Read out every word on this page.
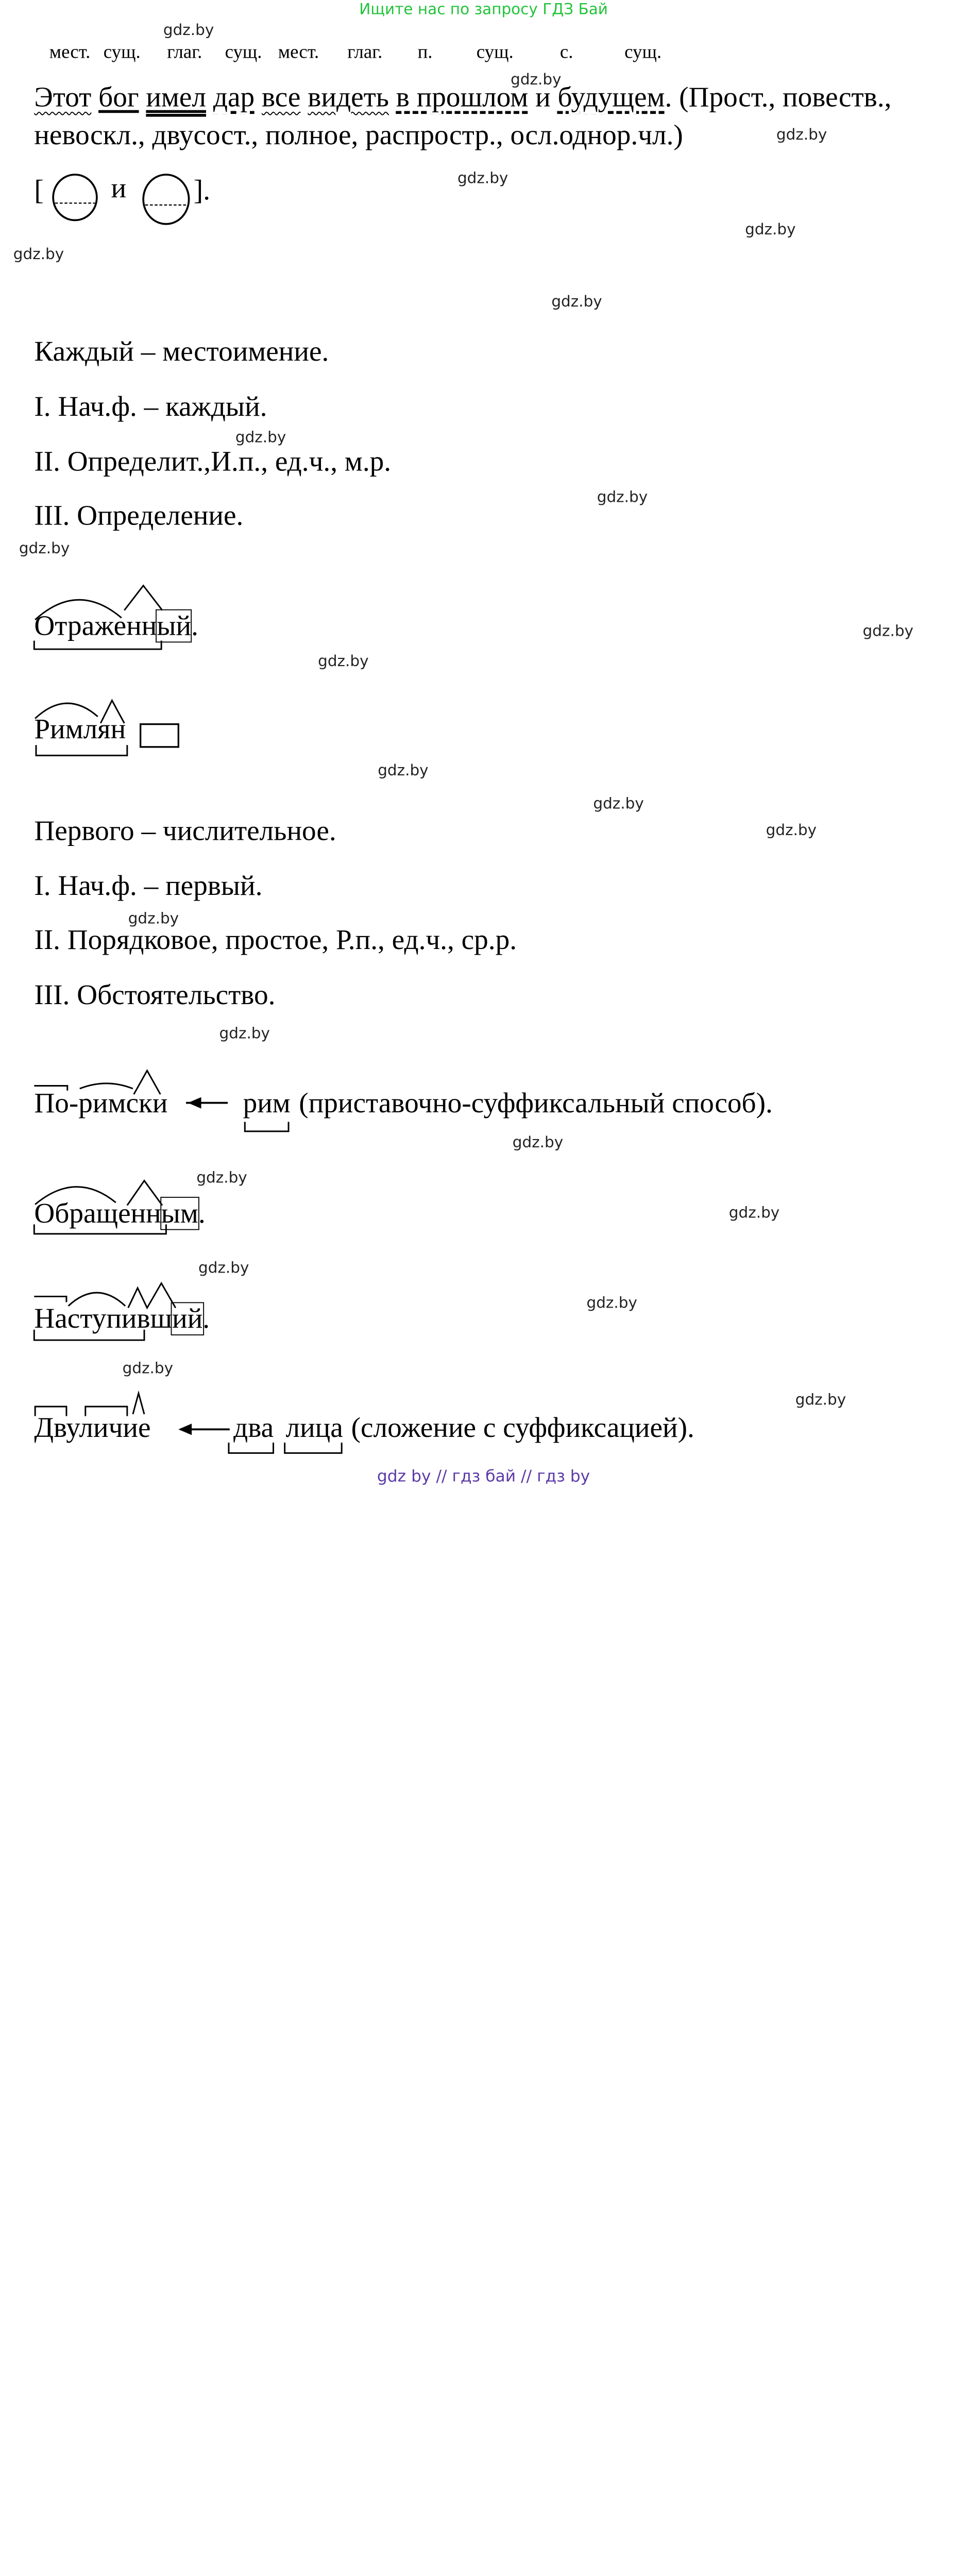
Ищите нас по запросу ГДЗ Бай
gdz.by
gdz.by
gdz.by
gdz.by
gdz.by
gdz.by
gdz.by
gdz.by
gdz.by
gdz.by
gdz.by
gdz.by
gdz.by
gdz.by
gdz.by
gdz.by
gdz.by
gdz.by
gdz.by
gdz.by
gdz.by
gdz.by
gdz.by
gdz.by
мест. сущ.	глаг. сущ. мест.	глаг.	п.	сущ.	с.	сущ.
Этот бог имел дар все видеть в прошлом и будущем. (Прост., повеств.,
невоскл., двусост., полное, распростр., осл.однор.чл.)
[	и	].
Каждый – местоимение.
I. Нач.ф. – каждый.
II. Определит.,И.п., ед.ч., м.р.
III. Определение.
Отраженный.
Римлян
Первого – числительное.
I. Нач.ф. – первый.
II. Порядковое, простое, Р.п., ед.ч., ср.р.
III. Обстоятельство.
По-римски	рим (приставочно-суффиксальный способ).
Обращенным.
Наступивший.
Двуличие	два лица (сложение с суффиксацией).
gdz by // гдз бай // гдз by
